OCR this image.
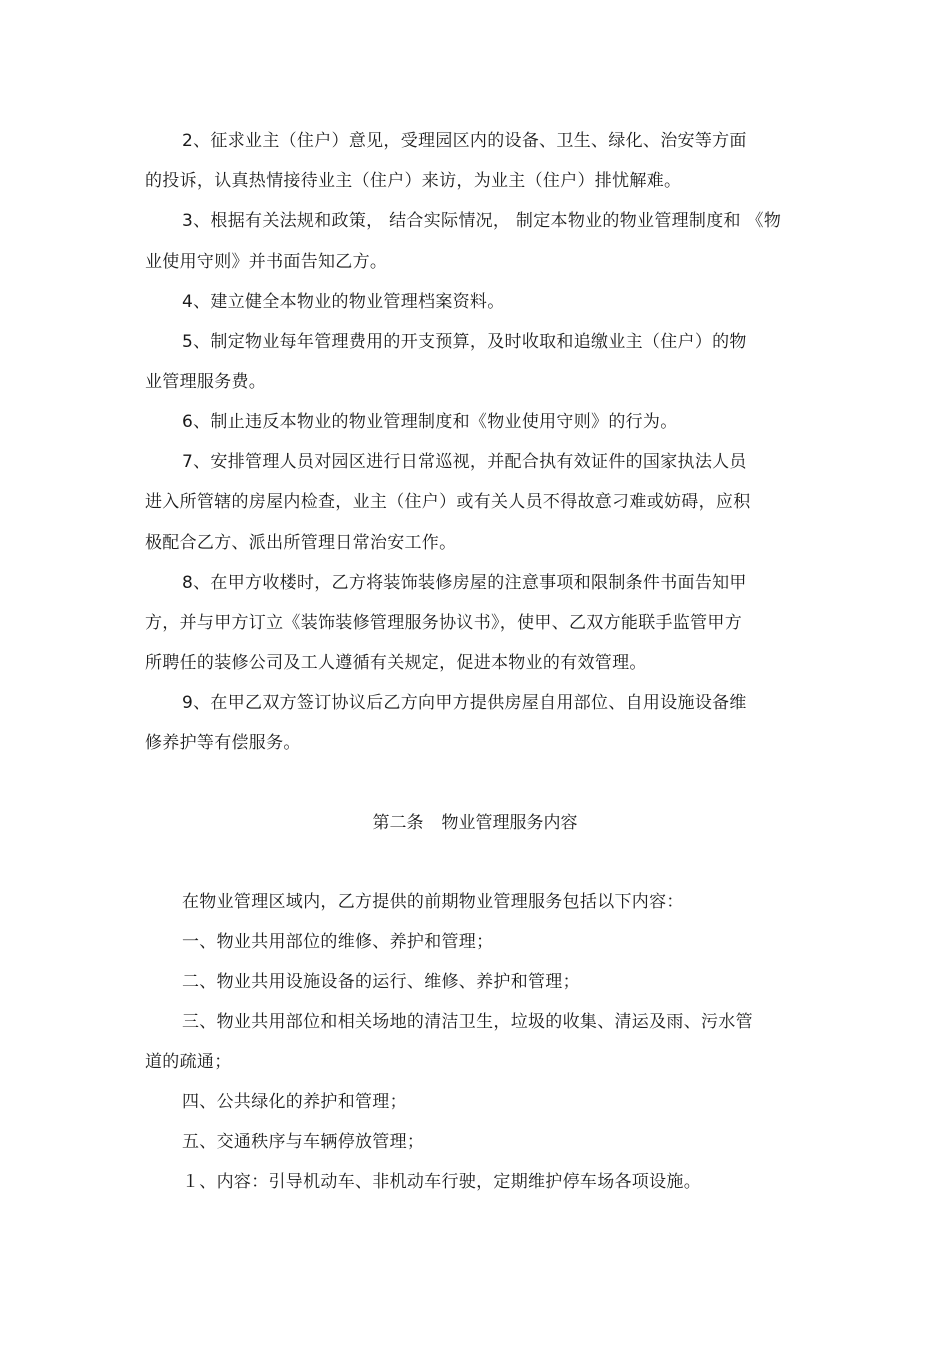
2、征求业主（住户）意见，受理园区内的设备、卫生、绿化、治安等方面
的投诉，认真热情接待业主（住户）来访，为业主（住户）排忧解难。
3、根据有关法规和政策， 结合实际情况， 制定本物业的物业管理制度和 《物
业使用守则》并书面告知乙方。
4、建立健全本物业的物业管理档案资料。
5、制定物业每年管理费用的开支预算，及时收取和追缴业主（住户）的物
业管理服务费。
6、制止违反本物业的物业管理制度和《物业使用守则》的行为。
7、安排管理人员对园区进行日常巡视，并配合执有效证件的国家执法人员
进入所管辖的房屋内检查，业主（住户）或有关人员不得故意刁难或妨碍，应积
极配合乙方、派出所管理日常治安工作。
8、在甲方收楼时，乙方将装饰装修房屋的注意事项和限制条件书面告知甲
方，并与甲方订立《装饰装修管理服务协议书》，使甲、乙双方能联手监管甲方
所聘任的装修公司及工人遵循有关规定，促进本物业的有效管理。
9、在甲乙双方签订协议后乙方向甲方提供房屋自用部位、自用设施设备维
修养护等有偿服务。
第二条 物业管理服务内容
在物业管理区域内，乙方提供的前期物业管理服务包括以下内容：
一、物业共用部位的维修、养护和管理；
二、物业共用设施设备的运行、维修、养护和管理；
三、物业共用部位和相关场地的清洁卫生，垃圾的收集、清运及雨、污水管
道的疏通；
四、公共绿化的养护和管理；
五、交通秩序与车辆停放管理；
１、内容：引导机动车、非机动车行驶，定期维护停车场各项设施。
